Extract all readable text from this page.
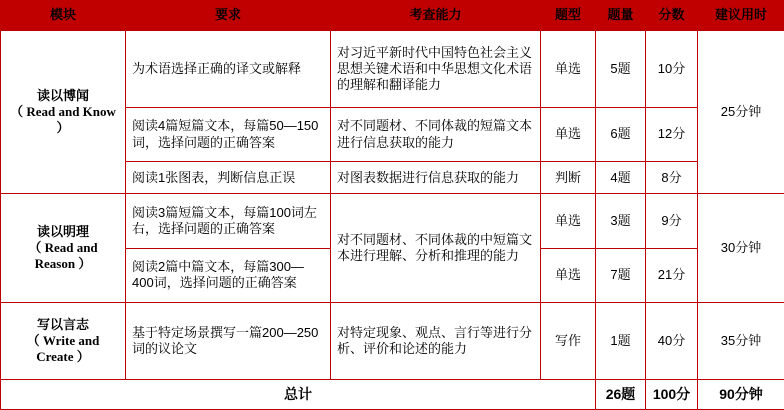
模块	要求	考查能力	题型	题量	分数	建议用时
读以博闻
（ Read and Know ）	为术语选择正确的译文或解释	对习近平新时代中国特色社会主义思想关键术语和中华思想文化术语的理解和翻译能力	单选	5题	10分	25分钟
	阅读4篇短篇文本，每篇50—150词，选择问题的正确答案	对不同题材、不同体裁的短篇文本进行信息获取的能力	单选	6题	12分	
	阅读1张图表，判断信息正误	对图表数据进行信息获取的能力	判断	4题	8分	
读以明理
（ Read and Reason ）	阅读3篇短篇文本，每篇100词左右，选择问题的正确答案	对不同题材、不同体裁的中短篇文本进行理解、分析和推理的能力	单选	3题	9分	30分钟
	阅读2篇中篇文本，每篇300—400词，选择问题的正确答案		单选	7题	21分	
写以言志
（ Write and Create ）	基于特定场景撰写一篇200—250词的议论文	对特定现象、观点、言行等进行分析、评价和论述的能力	写作	1题	40分	35分钟
总计				26题	100分	90分钟
